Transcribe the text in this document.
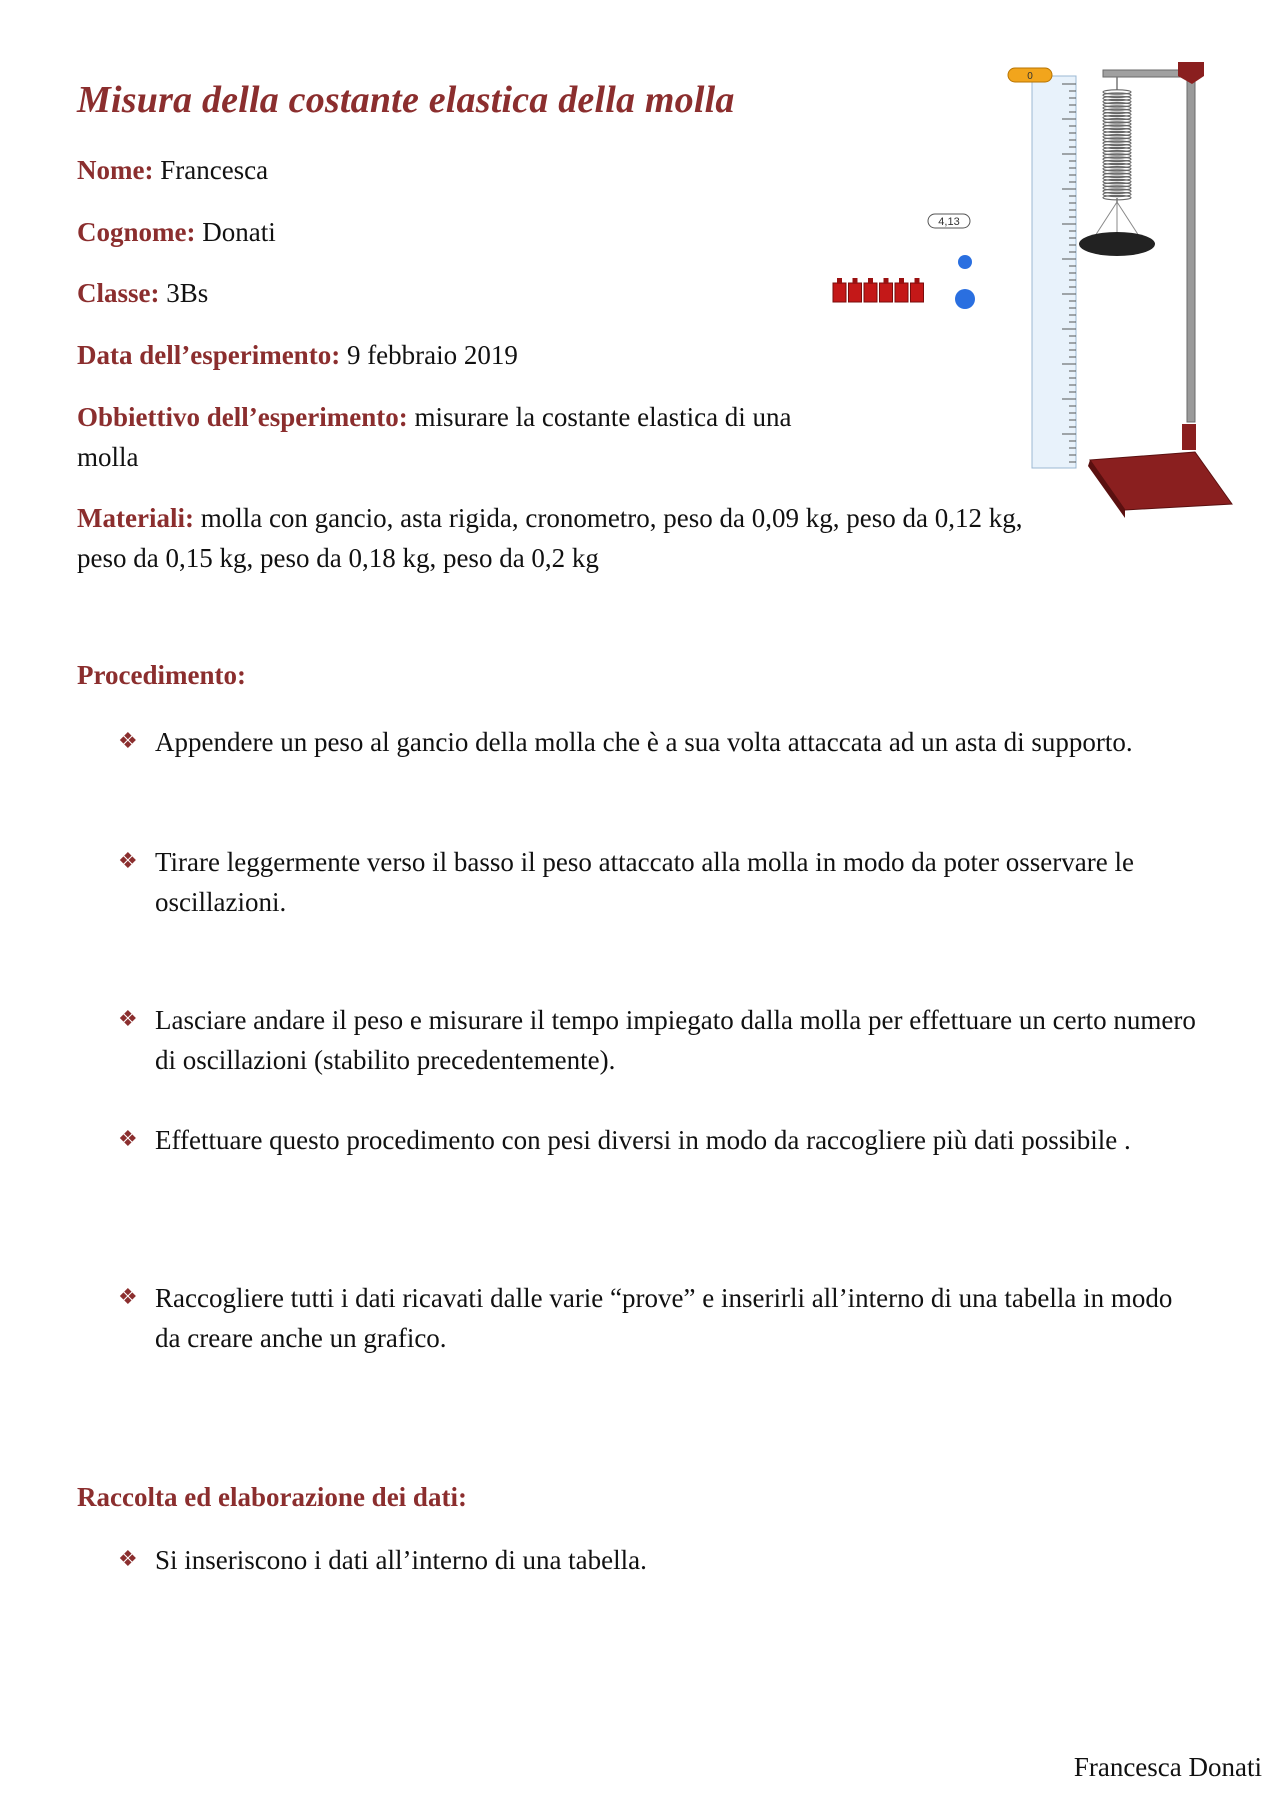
Misura della costante elastica della molla

Nome: Francesca

Cognome: Donati

Classe: 3Bs

Data dell’esperimento: 9 febbraio 2019

Obbiettivo dell’esperimento: misurare la costante elastica di una molla

Materiali: molla con gancio, asta rigida, cronometro, peso da 0,09 kg, peso da 0,12 kg, peso da 0,15 kg, peso da 0,18 kg, peso da 0,2 kg

0
4,13
Procedimento:
❖ Appendere un peso al gancio della molla che è a sua volta attaccata ad un asta di supporto.
❖ Tirare leggermente verso il basso il peso attaccato alla molla in modo da poter osservare le oscillazioni.
❖ Lasciare andare il peso e misurare il tempo impiegato dalla molla per effettuare un certo numero di oscillazioni (stabilito precedentemente).
❖ Effettuare questo procedimento con pesi diversi in modo da raccogliere più dati possibile .
❖ Raccogliere tutti i dati ricavati dalle varie “prove” e inserirli all’interno di una tabella in modo da creare anche un grafico.
Raccolta ed elaborazione dei dati:
❖ Si inseriscono i dati all’interno di una tabella.
Francesca Donati
